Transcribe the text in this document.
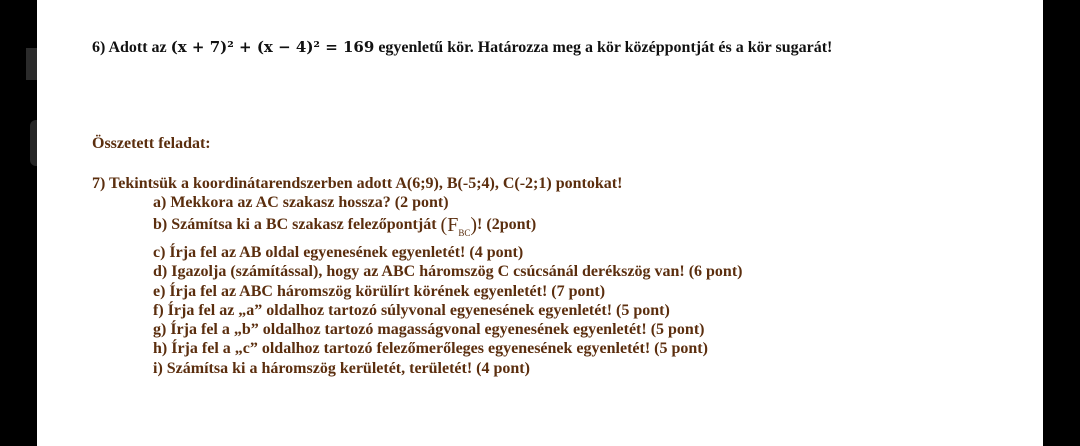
6) Adott az (x + 7)² + (x − 4)² = 169 egyenletű kör. Határozza meg a kör középpontját és a kör sugarát!
Összetett feladat:
7) Tekintsük a koordinátarendszerben adott A(6;9), B(-5;4), C(-2;1) pontokat!
a) Mekkora az AC szakasz hossza? (2 pont)
b) Számítsa ki a BC szakasz felezőpontját $(F_{BC})$! (2pont)
c) Írja fel az AB oldal egyenesének egyenletét! (4 pont)
d) Igazolja (számítással), hogy az ABC háromszög C csúcsánál derékszög van! (6 pont)
e) Írja fel az ABC háromszög körülírt körének egyenletét! (7 pont)
f) Írja fel az „a” oldalhoz tartozó súlyvonal egyenesének egyenletét! (5 pont)
g) Írja fel a „b” oldalhoz tartozó magasságvonal egyenesének egyenletét! (5 pont)
h) Írja fel a „c” oldalhoz tartozó felezőmerőleges egyenesének egyenletét! (5 pont)
i) Számítsa ki a háromszög kerületét, területét! (4 pont)
